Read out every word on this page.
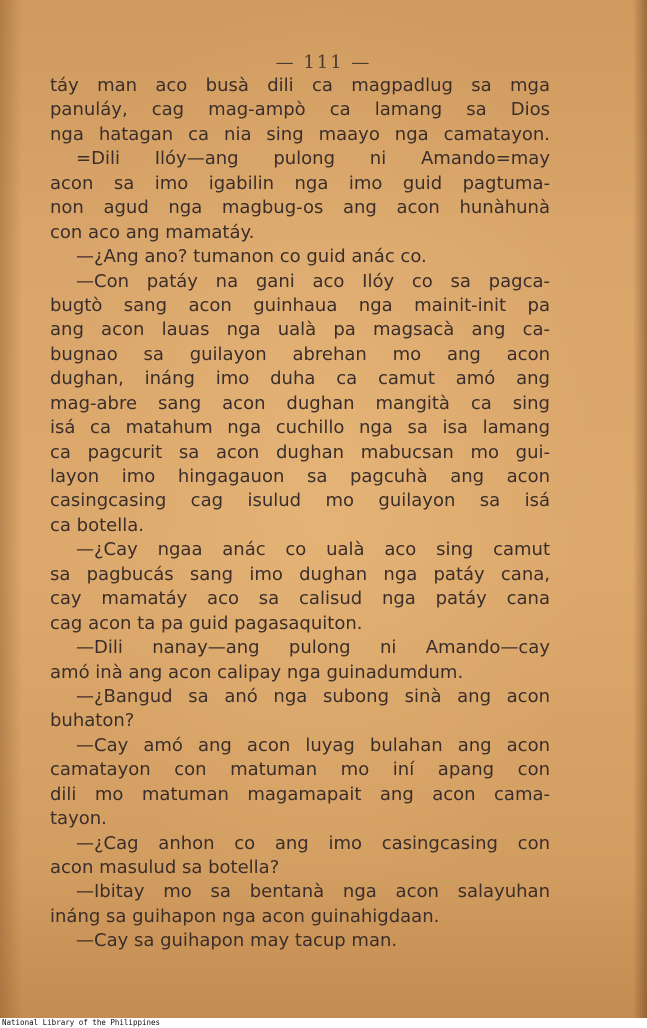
— 111 —
táy man aco busà dili ca magpadlug sa mga
panuláy, cag mag-ampò ca lamang sa Dios
nga hatagan ca nia sing maayo nga camatayon.
=Dili Ilóy—ang pulong ni Amando=may
acon sa imo igabilin nga imo guid pagtuma-
non agud nga magbug-os ang acon hunàhunà
con aco ang mamatáy.
—¿Ang ano? tumanon co guid anác co.
—Con patáy na gani aco Ilóy co sa pagca-
bugtò sang acon guinhaua nga mainit-init pa
ang acon lauas nga ualà pa magsacà ang ca-
bugnao sa guilayon abrehan mo ang acon
dughan, ináng imo duha ca camut amó ang
mag-abre sang acon dughan mangità ca sing
isá ca matahum nga cuchillo nga sa isa lamang
ca pagcurit sa acon dughan mabucsan mo gui-
layon imo hingagauon sa pagcuhà ang acon
casingcasing cag isulud mo guilayon sa isá
ca botella.
—¿Cay ngaa anác co ualà aco sing camut
sa pagbucás sang imo dughan nga patáy cana,
cay mamatáy aco sa calisud nga patáy cana
cag acon ta pa guid pagasaquiton.
—Dili nanay—ang pulong ni Amando—cay
amó inà ang acon calipay nga guinadumdum.
—¿Bangud sa anó nga subong sinà ang acon
buhaton?
—Cay amó ang acon luyag bulahan ang acon
camatayon con matuman mo iní apang con
dili mo matuman magamapait ang acon cama-
tayon.
—¿Cag anhon co ang imo casingcasing con
acon masulud sa botella?
—Ibitay mo sa bentanà nga acon salayuhan
ináng sa guihapon nga acon guinahigdaan.
—Cay sa guihapon may tacup man.
National Library of the Philippines
